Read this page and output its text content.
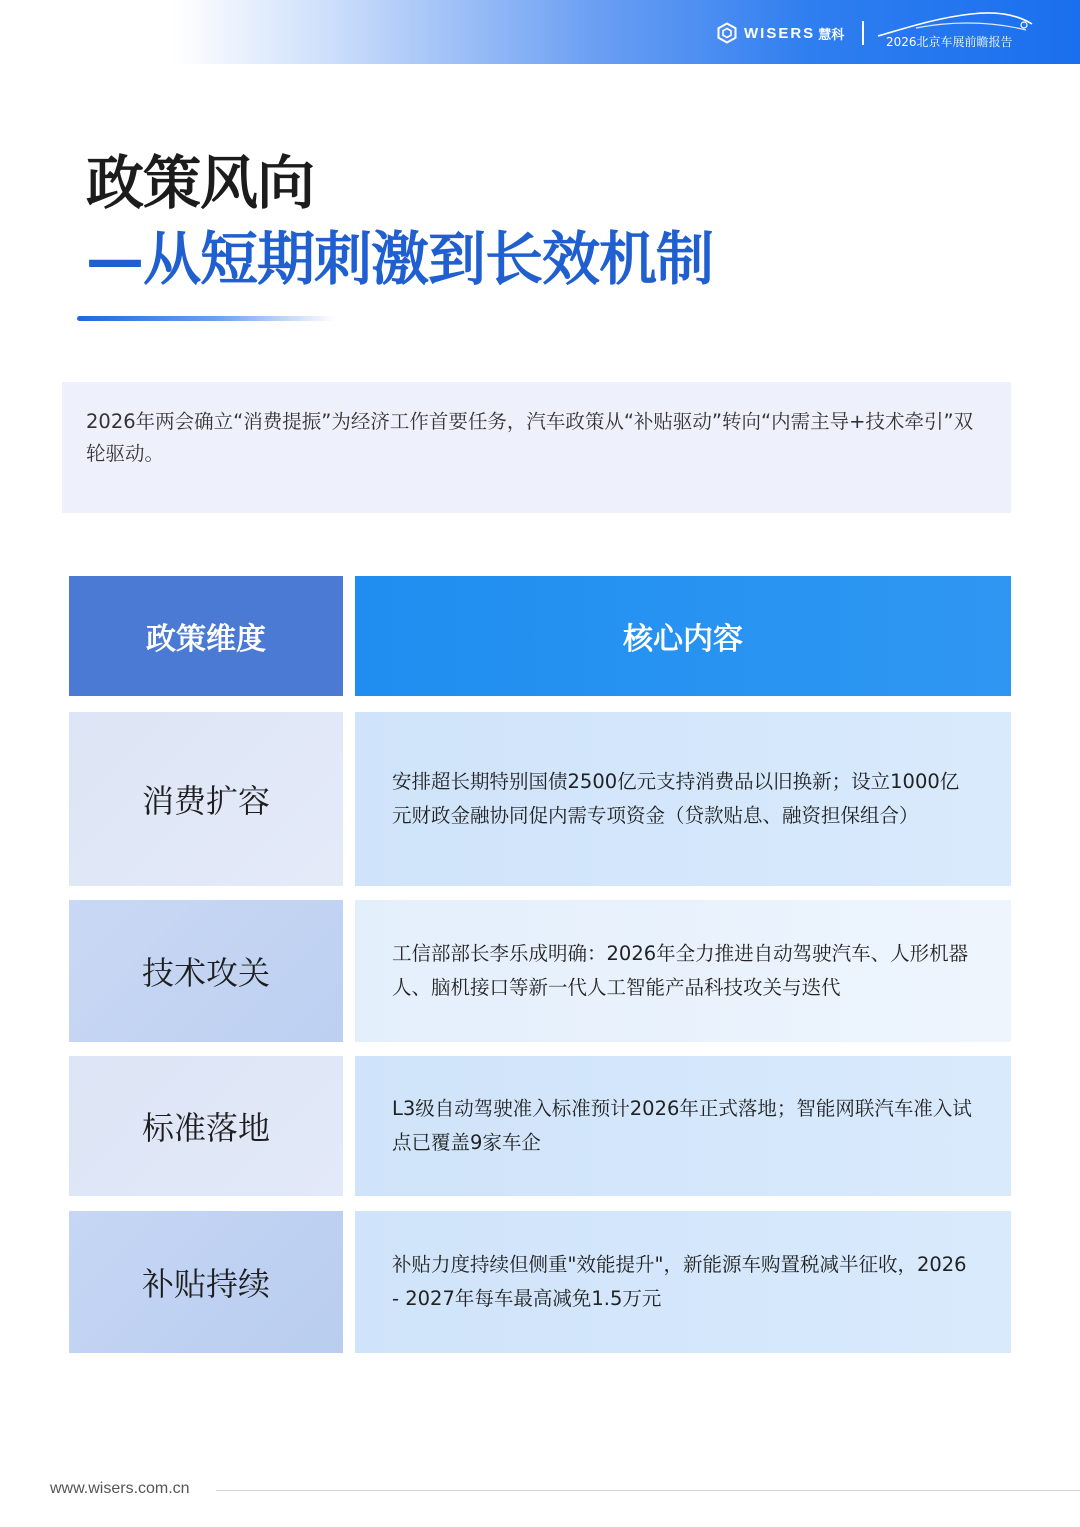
WISERS 慧科	2026北京车展前瞻报告
政策风向
—从短期刺激到长效机制

2026年两会确立“消费提振”为经济工作首要任务，汽车政策从“补贴驱动”转向“内需主导+技术牵引”双轮驱动。

政策维度	核心内容
消费扩容

安排超长期特别国债2500亿元支持消费品以旧换新；设立1000亿元财政金融协同促内需专项资金（贷款贴息、融资担保组合）

技术攻关

工信部部长李乐成明确：2026年全力推进自动驾驶汽车、人形机器人、脑机接口等新一代人工智能产品科技攻关与迭代

标准落地

L3级自动驾驶准入标准预计2026年正式落地；智能网联汽车准入试点已覆盖9家车企

补贴持续

补贴力度持续但侧重"效能提升"，新能源车购置税减半征收，2026 - 2027年每车最高减免1.5万元

www.wisers.com.cn
